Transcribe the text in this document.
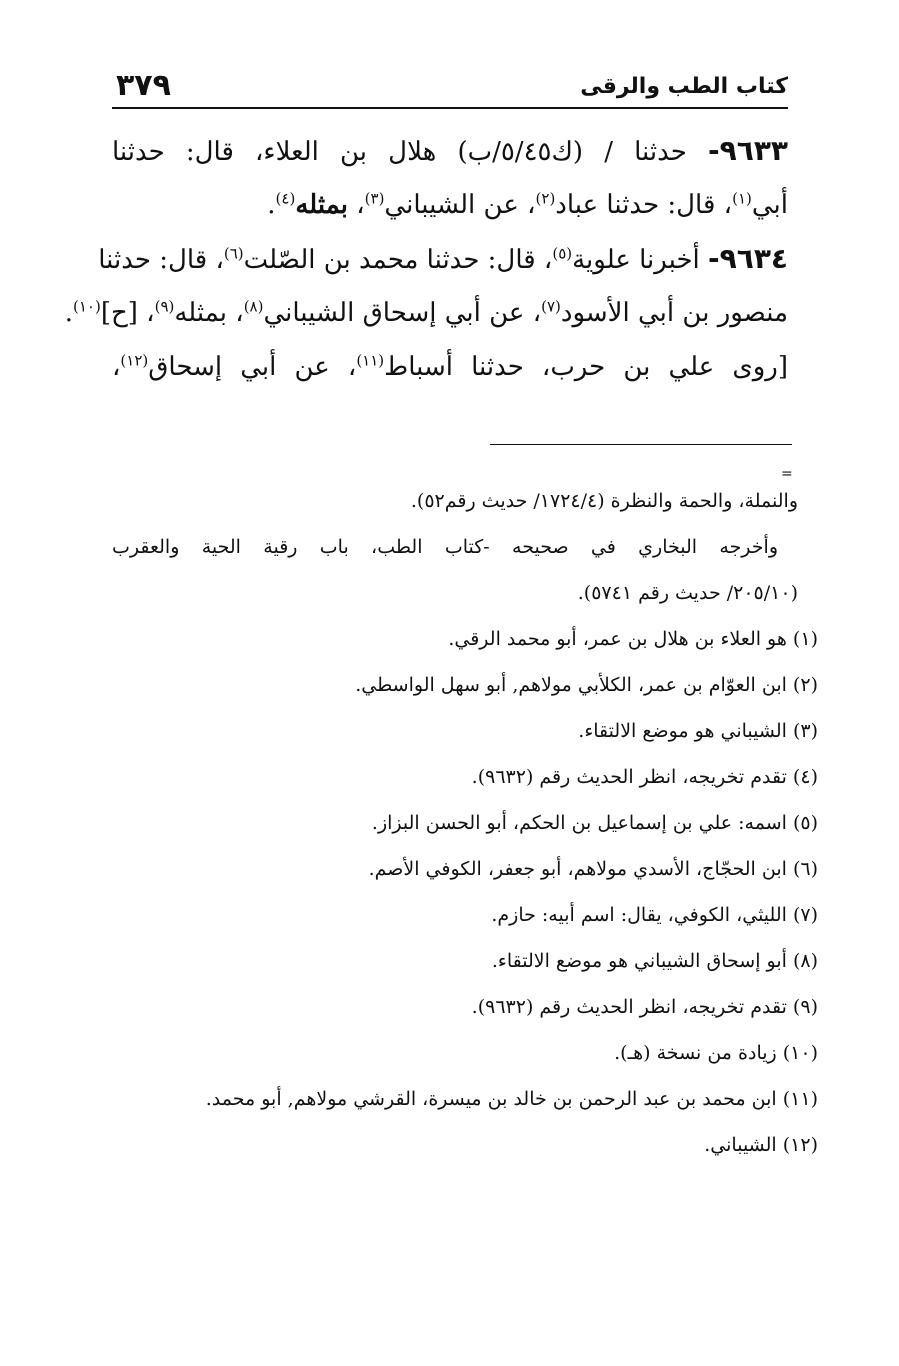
كتاب الطب والرقى
٣٧٩
٩٦٣٣- حدثنا / (ك٥/٤٥/ب) هلال بن العلاء، قال: حدثنا
أبي$^{(١)}$، قال: حدثنا عباد$^{(٢)}$، عن الشيباني$^{(٣)}$، بمثله$^{(٤)}$.
٩٦٣٤- أخبرنا علوية$^{(٥)}$، قال: حدثنا محمد بن الصّلت$^{(٦)}$، قال: حدثنا
منصور بن أبي الأسود$^{(٧)}$، عن أبي إسحاق الشيباني$^{(٨)}$، بمثله$^{(٩)}$، [ح]$^{(١٠)}$.
[روى علي بن حرب، حدثنا أسباط$^{(١١)}$، عن أبي إسحاق$^{(١٢)}$،
=
والنملة، والحمة والنظرة (١٧٢٤/٤/ حديث رقم٥٢).
وأخرجه البخاري في صحيحه -كتاب الطب، باب رقية الحية والعقرب
(٢٠٥/١٠/ حديث رقم ٥٧٤١).
(١) هو العلاء بن هلال بن عمر، أبو محمد الرقي.
(٢) ابن العوّام بن عمر، الكلأبي مولاهم, أبو سهل الواسطي.
(٣) الشيباني هو موضع الالتقاء.
(٤) تقدم تخريجه، انظر الحديث رقم (٩٦٣٢).
(٥) اسمه: علي بن إسماعيل بن الحكم، أبو الحسن البزاز.
(٦) ابن الحجّاج، الأسدي مولاهم، أبو جعفر، الكوفي الأصم.
(٧) الليثي، الكوفي، يقال: اسم أبيه: حازم.
(٨) أبو إسحاق الشيباني هو موضع الالتقاء.
(٩) تقدم تخريجه، انظر الحديث رقم (٩٦٣٢).
(١٠) زيادة من نسخة (هـ).
(١١) ابن محمد بن عبد الرحمن بن خالد بن ميسرة، القرشي مولاهم, أبو محمد.
(١٢) الشيباني.
